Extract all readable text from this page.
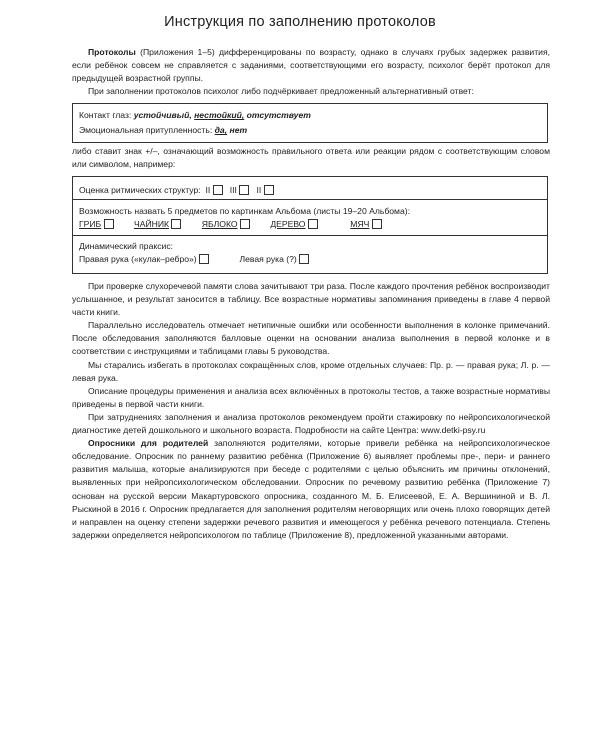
Инструкция по заполнению протоколов

Протоколы (Приложения 1–5) дифференцированы по возрасту, однако в случаях грубых задержек развития, если ребёнок совсем не справляется с заданиями, соответствующими его возрасту, психолог берёт протокол для предыдущей возрастной группы.

При заполнении протоколов психолог либо подчёркивает предложенный альтернативный ответ:

Контакт глаз: устойчивый, нестойкий, отсутствует
Эмоциональная притупленность: да, нет

либо ставит знак +/–, означающий возможность правильного ответа или реакции рядом с соответствующим словом или символом, например:

Оценка ритмических структур: II III II
Возможность назвать 5 предметов по картинкам Альбома (листы 19–20 Альбома):
ГРИБ	ЧАЙНИК	ЯБЛОКО	ДЕРЕВО	МЯЧ
Динамический праксис:
Правая рука («кулак–ребро»)	Левая рука (?)

При проверке слухоречевой памяти слова зачитывают три раза. После каждого прочтения ребёнок воспроизводит услышанное, и результат заносится в таблицу. Все возрастные нормативы запоминания приведены в главе 4 первой части книги.

Параллельно исследователь отмечает нетипичные ошибки или особенности выполнения в колонке примечаний. После обследования заполняются балловые оценки на основании анализа выполнения в первой колонке и в соответствии с инструкциями и таблицами главы 5 руководства.

Мы старались избегать в протоколах сокращённых слов, кроме отдельных случаев: Пр. р. — правая рука; Л. р. — левая рука.

Описание процедуры применения и анализа всех включённых в протоколы тестов, а также возрастные нормативы приведены в первой части книги.

При затруднениях заполнения и анализа протоколов рекомендуем пройти стажировку по нейропсихологической диагностике детей дошкольного и школьного возраста. Подробности на сайте Центра: www.detki-psy.ru

Опросники для родителей заполняются родителями, которые привели ребёнка на нейропсихологическое обследование. Опросник по раннему развитию ребёнка (Приложение 6) выявляет проблемы пре-, пери- и раннего развития малыша, которые анализируются при беседе с родителями с целью объяснить им причины отклонений, выявленных при нейропсихологическом обследовании. Опросник по речевому развитию ребёнка (Приложение 7) основан на русской версии Макартуровского опросника, созданного М. Б. Елисеевой, Е. А. Вершининой и В. Л. Рыскиной в 2016 г. Опросник предлагается для заполнения родителям неговорящих или очень плохо говорящих детей и направлен на оценку степени задержки речевого развития и имеющегося у ребёнка речевого потенциала. Степень задержки определяется нейропсихологом по таблице (Приложение 8), предложенной указанными авторами.
